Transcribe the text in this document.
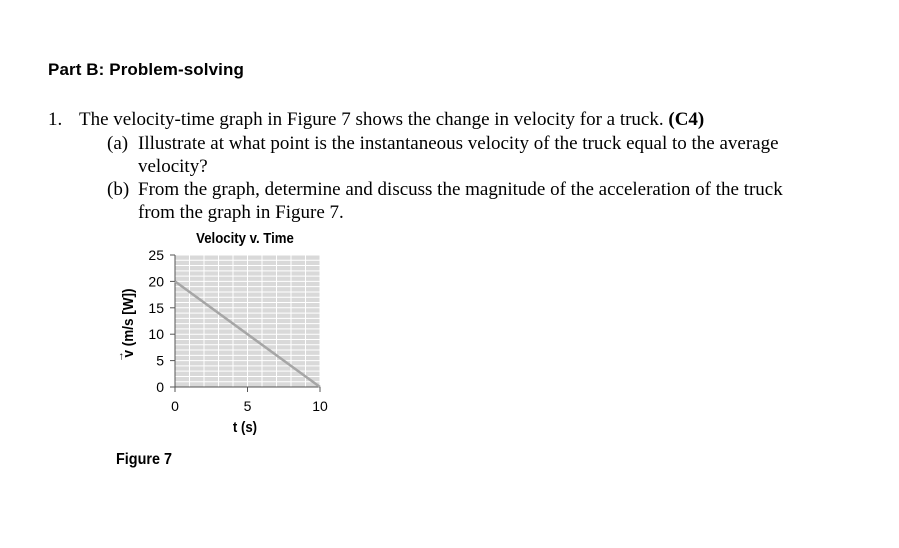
Part B: Problem-solving
1. The velocity-time graph in Figure 7 shows the change in velocity for a truck. (C4)
(a) Illustrate at what point is the instantaneous velocity of the truck equal to the average
velocity?
(b) From the graph, determine and discuss the magnitude of the acceleration of the truck
from the graph in Figure 7.
0
5
10
15
20
25
0	5	10
Velocity v. Time
t (s)
v (m/s [W])
→
Figure 7
